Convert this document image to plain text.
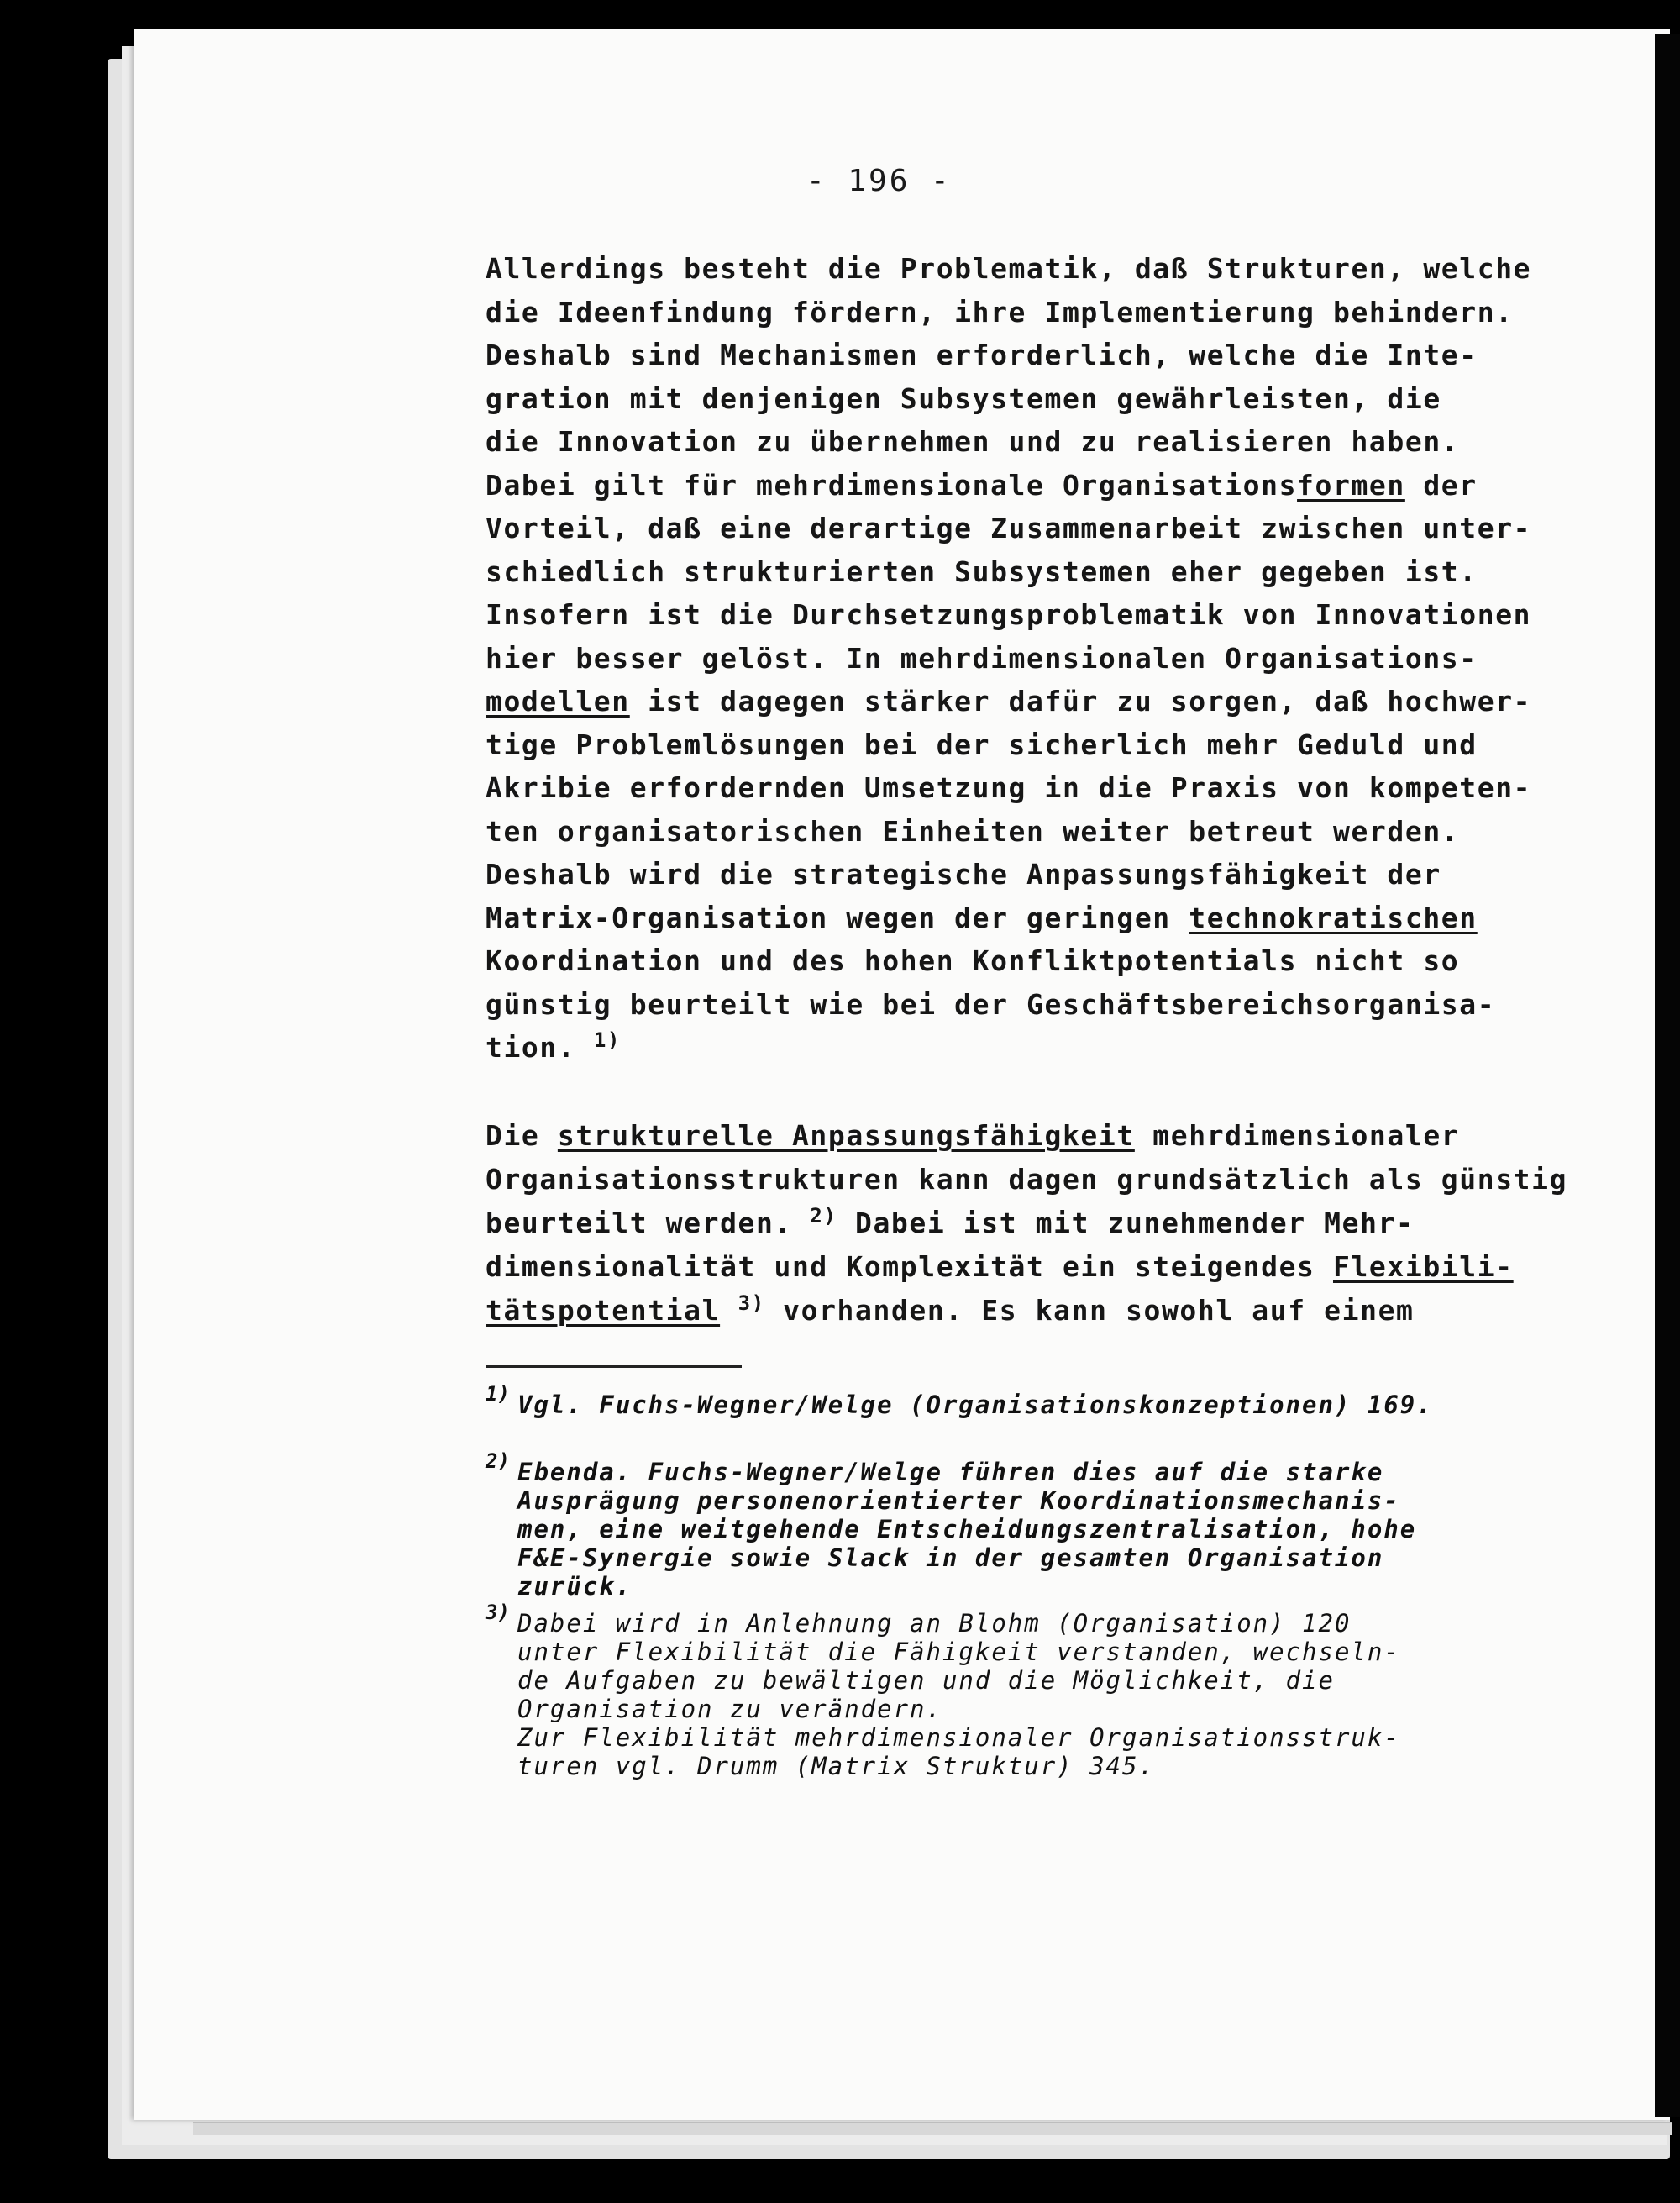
- 196 -
Allerdings besteht die Problematik, daß Strukturen, welche
die Ideenfindung fördern, ihre Implementierung behindern.
Deshalb sind Mechanismen erforderlich, welche die Inte-
gration mit denjenigen Subsystemen gewährleisten, die
die Innovation zu übernehmen und zu realisieren haben.
Dabei gilt für mehrdimensionale Organisationsformen der
Vorteil, daß eine derartige Zusammenarbeit zwischen unter-
schiedlich strukturierten Subsystemen eher gegeben ist.
Insofern ist die Durchsetzungsproblematik von Innovationen
hier besser gelöst. In mehrdimensionalen Organisations-
modellen ist dagegen stärker dafür zu sorgen, daß hochwer-
tige Problemlösungen bei der sicherlich mehr Geduld und
Akribie erfordernden Umsetzung in die Praxis von kompeten-
ten organisatorischen Einheiten weiter betreut werden.
Deshalb wird die strategische Anpassungsfähigkeit der
Matrix-Organisation wegen der geringen technokratischen
Koordination und des hohen Konfliktpotentials nicht so
günstig beurteilt wie bei der Geschäftsbereichsorganisa-
tion. $^{1)}$
Die strukturelle Anpassungsfähigkeit mehrdimensionaler
Organisationsstrukturen kann dagen grundsätzlich als günstig
beurteilt werden. $^{2)}$ Dabei ist mit zunehmender Mehr-
dimensionalität und Komplexität ein steigendes Flexibili-
tätspotential $^{3)}$ vorhanden. Es kann sowohl auf einem
1) Vgl. Fuchs-Wegner/Welge (Organisationskonzeptionen) 169.
2) Ebenda. Fuchs-Wegner/Welge führen dies auf die starke
Ausprägung personenorientierter Koordinationsmechanis-
men, eine weitgehende Entscheidungszentralisation, hohe
F&E-Synergie sowie Slack in der gesamten Organisation
zurück.
3) Dabei wird in Anlehnung an Blohm (Organisation) 120
unter Flexibilität die Fähigkeit verstanden, wechseln-
de Aufgaben zu bewältigen und die Möglichkeit, die
Organisation zu verändern.
Zur Flexibilität mehrdimensionaler Organisationsstruk-
turen vgl. Drumm (Matrix Struktur) 345.
